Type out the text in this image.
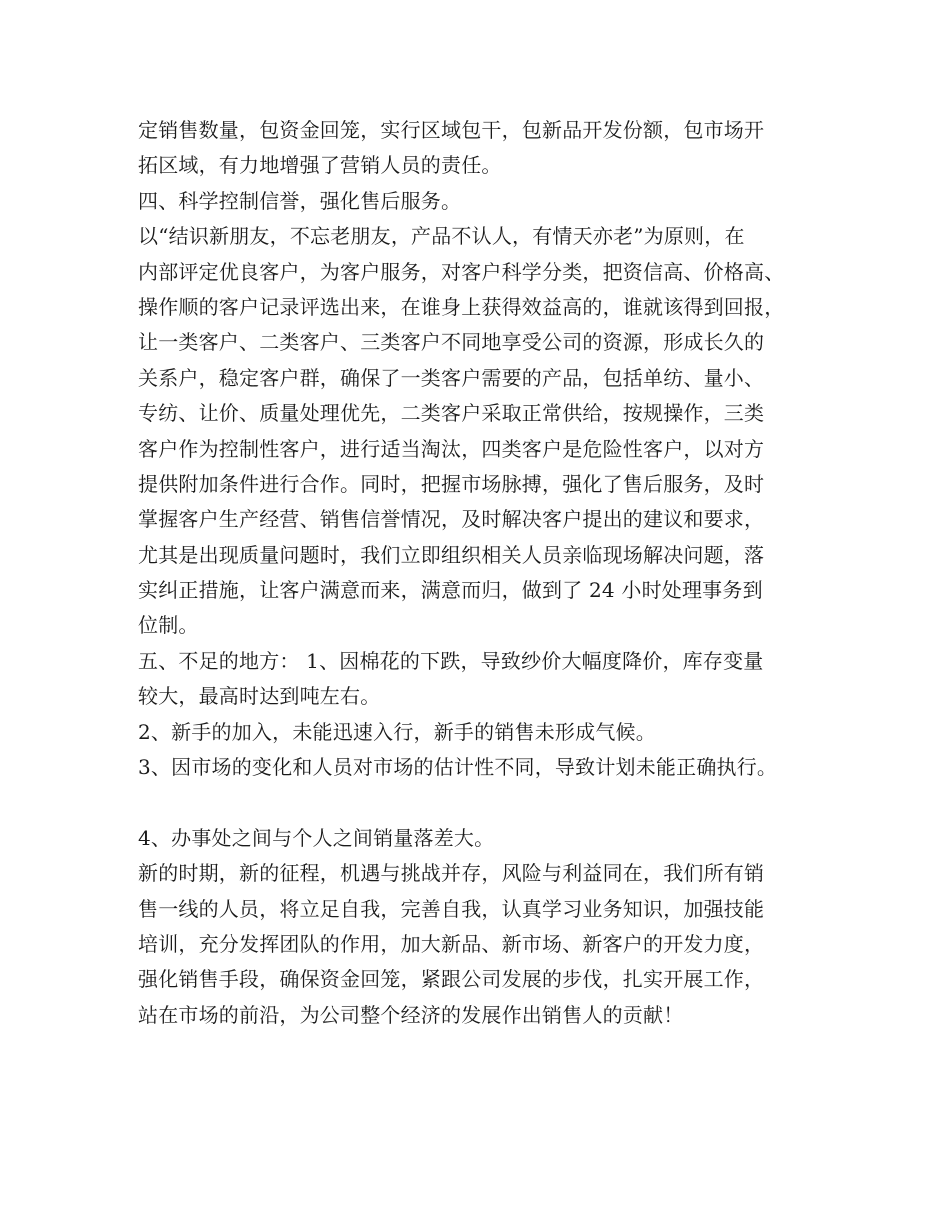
定销售数量，包资金回笼，实行区域包干，包新品开发份额，包市场开
拓区域，有力地增强了营销人员的责任。
四、科学控制信誉，强化售后服务。
以“结识新朋友，不忘老朋友，产品不认人，有情天亦老”为原则，在
内部评定优良客户，为客户服务，对客户科学分类，把资信高、价格高、
操作顺的客户记录评选出来，在谁身上获得效益高的，谁就该得到回报，
让一类客户、二类客户、三类客户不同地享受公司的资源，形成长久的
关系户，稳定客户群，确保了一类客户需要的产品，包括单纺、量小、
专纺、让价、质量处理优先，二类客户采取正常供给，按规操作，三类
客户作为控制性客户，进行适当淘汰，四类客户是危险性客户，以对方
提供附加条件进行合作。同时，把握市场脉搏，强化了售后服务，及时
掌握客户生产经营、销售信誉情况，及时解决客户提出的建议和要求，
尤其是出现质量问题时，我们立即组织相关人员亲临现场解决问题，落
实纠正措施，让客户满意而来，满意而归，做到了 24 小时处理事务到
位制。
五、不足的地方： 1、因棉花的下跌，导致纱价大幅度降价，库存变量
较大，最高时达到吨左右。
2、新手的加入，未能迅速入行，新手的销售未形成气候。
3、因市场的变化和人员对市场的估计性不同，导致计划未能正确执行。
4、办事处之间与个人之间销量落差大。
新的时期，新的征程，机遇与挑战并存，风险与利益同在，我们所有销
售一线的人员，将立足自我，完善自我，认真学习业务知识，加强技能
培训，充分发挥团队的作用，加大新品、新市场、新客户的开发力度，
强化销售手段，确保资金回笼，紧跟公司发展的步伐，扎实开展工作，
站在市场的前沿，为公司整个经济的发展作出销售人的贡献！
